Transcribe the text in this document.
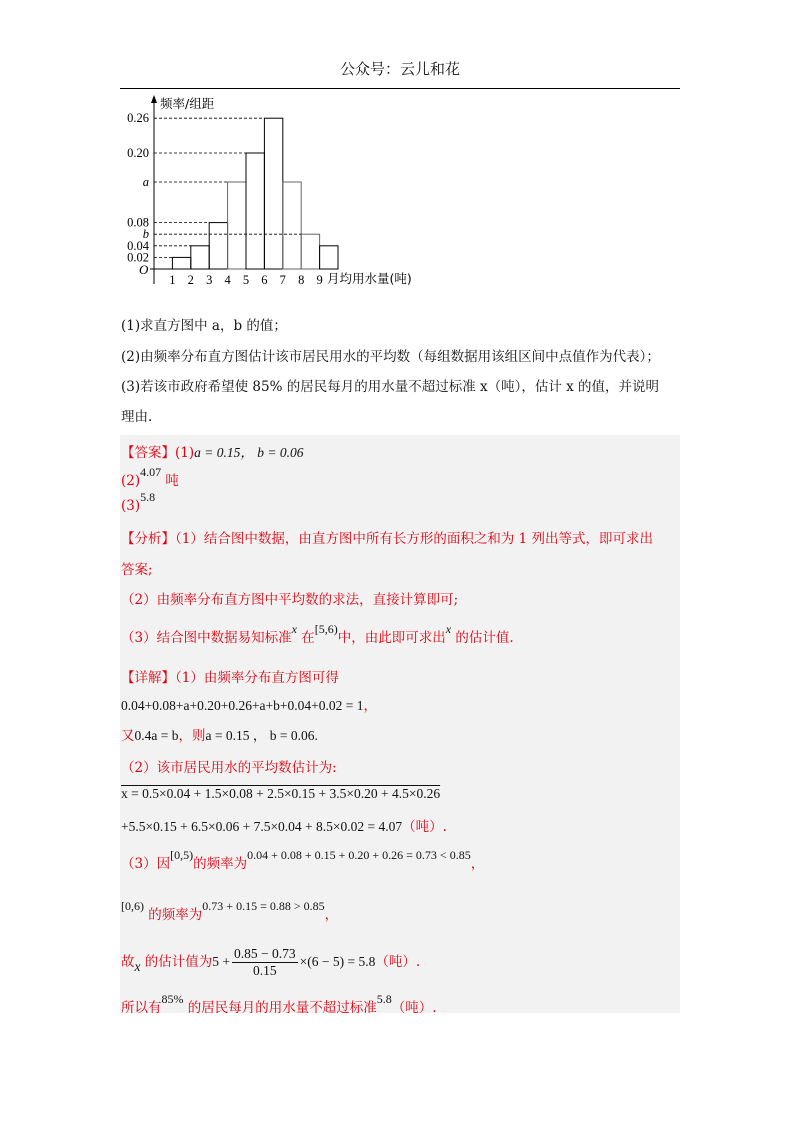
公众号：云儿和花
频率/组距
O
月均用水量(吨)
0.02
0.04
0.08
a
0.20
0.26
b
1 2 3 4 5 6 7 8 9
(1)求直方图中 a，b 的值；
(2)由频率分布直方图估计该市居民用水的平均数（每组数据用该组区间中点值作为代表）；
(3)若该市政府希望使 85% 的居民每月的用水量不超过标准 x（吨），估计 x 的值，并说明
理由.
【答案】(1)a = 0.15， b = 0.06
(2)4.07 吨
(3)5.8
【分析】（1）结合图中数据，由直方图中所有长方形的面积之和为 1 列出等式，即可求出
答案;
（2）由频率分布直方图中平均数的求法，直接计算即可;
（3）结合图中数据易知标准x 在[5,6)中，由此即可求出x 的估计值.
【详解】（1）由频率分布直方图可得
0.04+0.08+a+0.20+0.26+a+b+0.04+0.02 = 1，
又0.4a = b，则a = 0.15 ， b = 0.06.
（2）该市居民用水的平均数估计为:
x = 0.5×0.04 + 1.5×0.08 + 2.5×0.15 + 3.5×0.20 + 4.5×0.26
+5.5×0.15 + 6.5×0.06 + 7.5×0.04 + 8.5×0.02 = 4.07（吨）.
（3）因[0,5)的频率为0.04 + 0.08 + 0.15 + 0.20 + 0.26 = 0.73 < 0.85，
[0,6) 的频率为0.73 + 0.15 = 0.88 > 0.85，
故x 的估计值为$5 + \frac{0.85 - 0.73}{0.15} \times(6 - 5) = 5.8$（吨）.
所以有85% 的居民每月的用水量不超过标准5.8（吨）.
